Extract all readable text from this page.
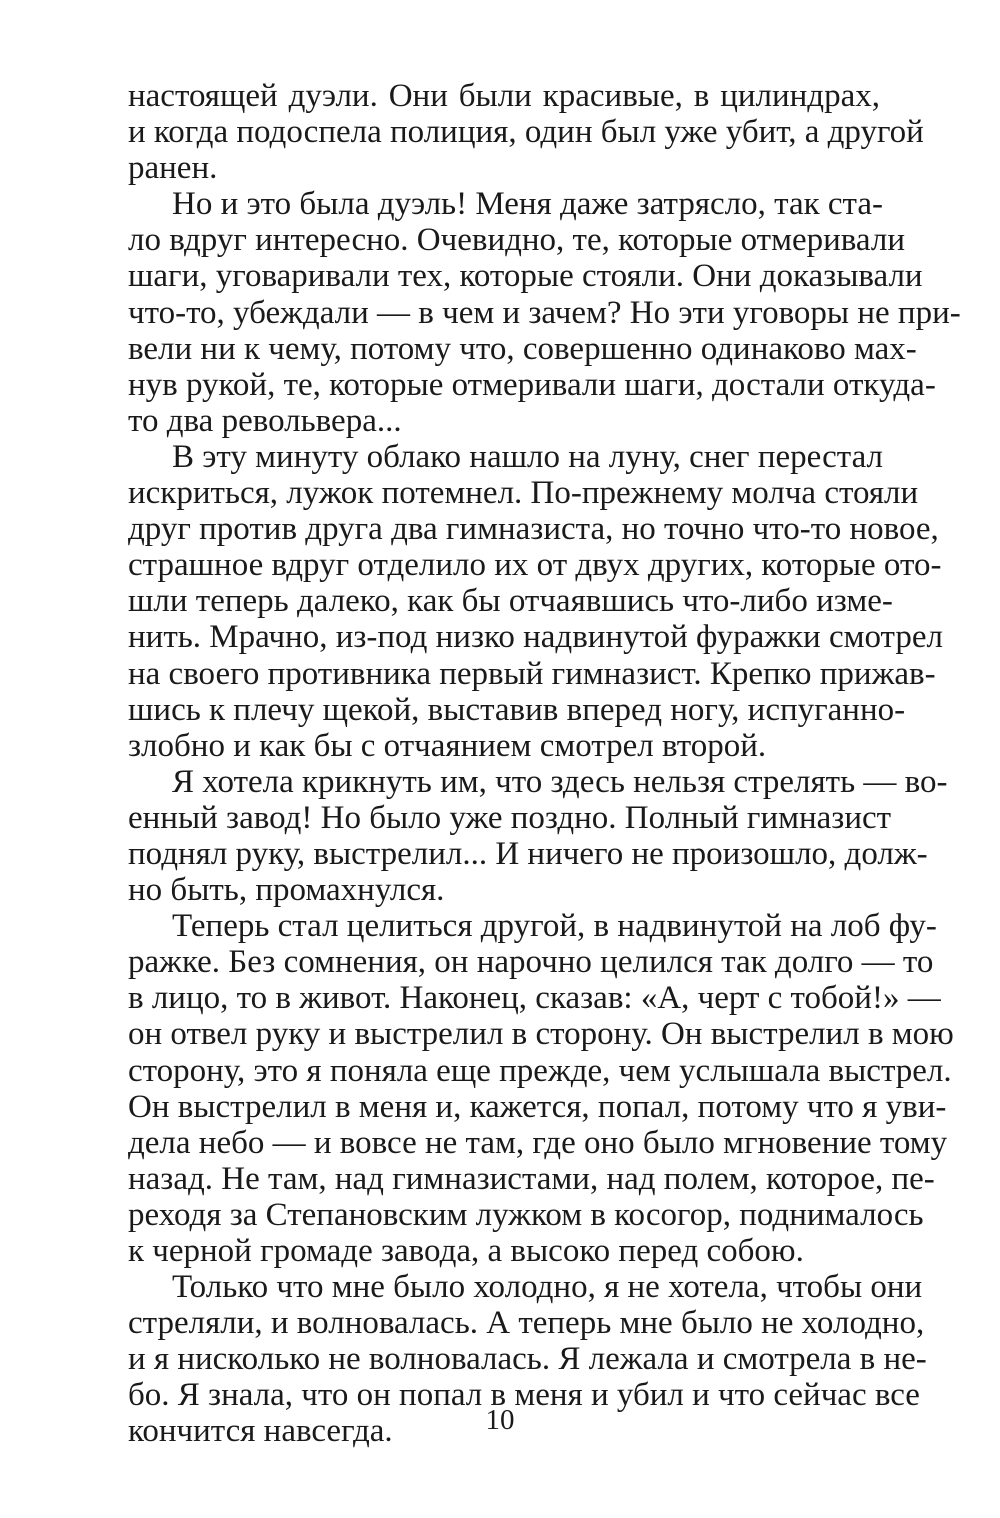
настоящей дуэли. Они были красивые, в цилиндрах,
и когда подоспела полиция, один был уже убит, а другой
ранен.
Но и это была дуэль! Меня даже затрясло, так ста-
ло вдруг интересно. Очевидно, те, которые отмеривали
шаги, уговаривали тех, которые стояли. Они доказывали
что-то, убеждали — в чем и зачем? Но эти уговоры не при-
вели ни к чему, потому что, совершенно одинаково мах-
нув рукой, те, которые отмеривали шаги, достали откуда-
то два револьвера...
В эту минуту облако нашло на луну, снег перестал
искриться, лужок потемнел. По-прежнему молча стояли
друг против друга два гимназиста, но точно что-то новое,
страшное вдруг отделило их от двух других, которые ото-
шли теперь далеко, как бы отчаявшись что-либо изме-
нить. Мрачно, из-под низко надвинутой фуражки смотрел
на своего противника первый гимназист. Крепко прижав-
шись к плечу щекой, выставив вперед ногу, испуганно-
злобно и как бы с отчаянием смотрел второй.
Я хотела крикнуть им, что здесь нельзя стрелять — во-
енный завод! Но было уже поздно. Полный гимназист
поднял руку, выстрелил... И ничего не произошло, долж-
но быть, промахнулся.
Теперь стал целиться другой, в надвинутой на лоб фу-
ражке. Без сомнения, он нарочно целился так долго — то
в лицо, то в живот. Наконец, сказав: «А, черт с тобой!» —
он отвел руку и выстрелил в сторону. Он выстрелил в мою
сторону, это я поняла еще прежде, чем услышала выстрел.
Он выстрелил в меня и, кажется, попал, потому что я уви-
дела небо — и вовсе не там, где оно было мгновение тому
назад. Не там, над гимназистами, над полем, которое, пе-
реходя за Степановским лужком в косогор, поднималось
к черной громаде завода, а высоко перед собою.
Только что мне было холодно, я не хотела, чтобы они
стреляли, и волновалась. А теперь мне было не холодно,
и я нисколько не волновалась. Я лежала и смотрела в не-
бо. Я знала, что он попал в меня и убил и что сейчас все
кончится навсегда.	10
